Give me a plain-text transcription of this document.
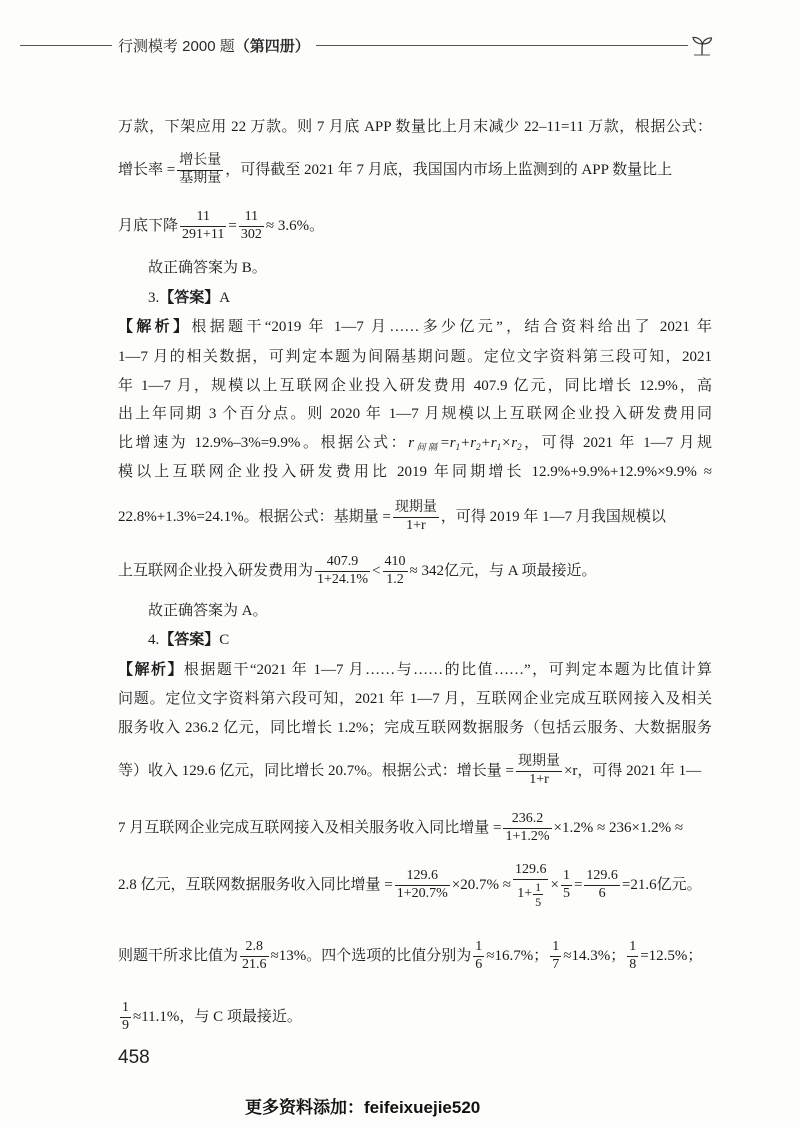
行测模考 2000 题 （第四册）
万款，下架应用 22 万款。则 7 月底 APP 数量比上月末减少 22–11=11 万款，根据公式：
增长率 = $\frac{\text{增长量}}{\text{基期量}}$ ，可得截至 2021 年 7 月底，我国国内市场上监测到的 APP 数量比上
月底下降 $\frac{11}{291+11} = \frac{11}{302} \approx 3.6\%$。
故正确答案为 B。
3.【答案】A
【解析】根据题干“2019 年 1—7 月……多少亿元”，结合资料给出了 2021 年
1—7 月的相关数据，可判定本题为间隔基期问题。定位文字资料第三段可知，2021
年 1—7 月，规模以上互联网企业投入研发费用 407.9 亿元，同比增长 12.9%，高
出上年同期 3 个百分点。则 2020 年 1—7 月规模以上互联网企业投入研发费用同
比增速为 12.9%–3%=9.9%。根据公式：$r_{间隔}=r_1+r_2+r_1\times r_2$，可得 2021 年 1—7 月规
模以上互联网企业投入研发费用比 2019 年同期增长 12.9%+9.9%+12.9%×9.9% ≈
22.8%+1.3%=24.1%。根据公式：基期量 = $\frac{\text{现期量}}{1+r}$ ，可得 2019 年 1—7 月我国规模以
上互联网企业投入研发费用为 $\frac{407.9}{1+24.1\%} < \frac{410}{1.2} \approx 342$亿元，与 A 项最接近。
故正确答案为 A。
4.【答案】C
【解析】根据题干“2021 年 1—7 月……与……的比值……”，可判定本题为比值计算
问题。定位文字资料第六段可知，2021 年 1—7 月，互联网企业完成互联网接入及相关
服务收入 236.2 亿元，同比增长 1.2%；完成互联网数据服务（包括云服务、大数据服务
等）收入 129.6 亿元，同比增长 20.7%。根据公式：增长量 = $\frac{\text{现期量}}{1+r} \times r$，可得 2021 年 1—
7 月互联网企业完成互联网接入及相关服务收入同比增量 = $\frac{236.2}{1+1.2\%} \times 1.2\% \approx 236\times 1.2\%$ ≈
2.8 亿元，互联网数据服务收入同比增量 = $\frac{129.6}{1+20.7\%} \times 20.7\% \approx \frac{129.6}{1+ \frac{1}{5}} \times \frac{1}{5} = \frac{129.6}{6} =21.6$亿元。
则题干所求比值为 $\frac{2.8}{21.6} \approx 13\%$。四个选项的比值分别为 $\frac{1}{6} \approx 16.7\%$； $\frac{1}{7} \approx 14.3\%$； $\frac{1}{8} =12.5\%$；
$\frac{1}{9} \approx 11.1\%$，与 C 项最接近。
458
更多资料添加：feifeixuejie520
